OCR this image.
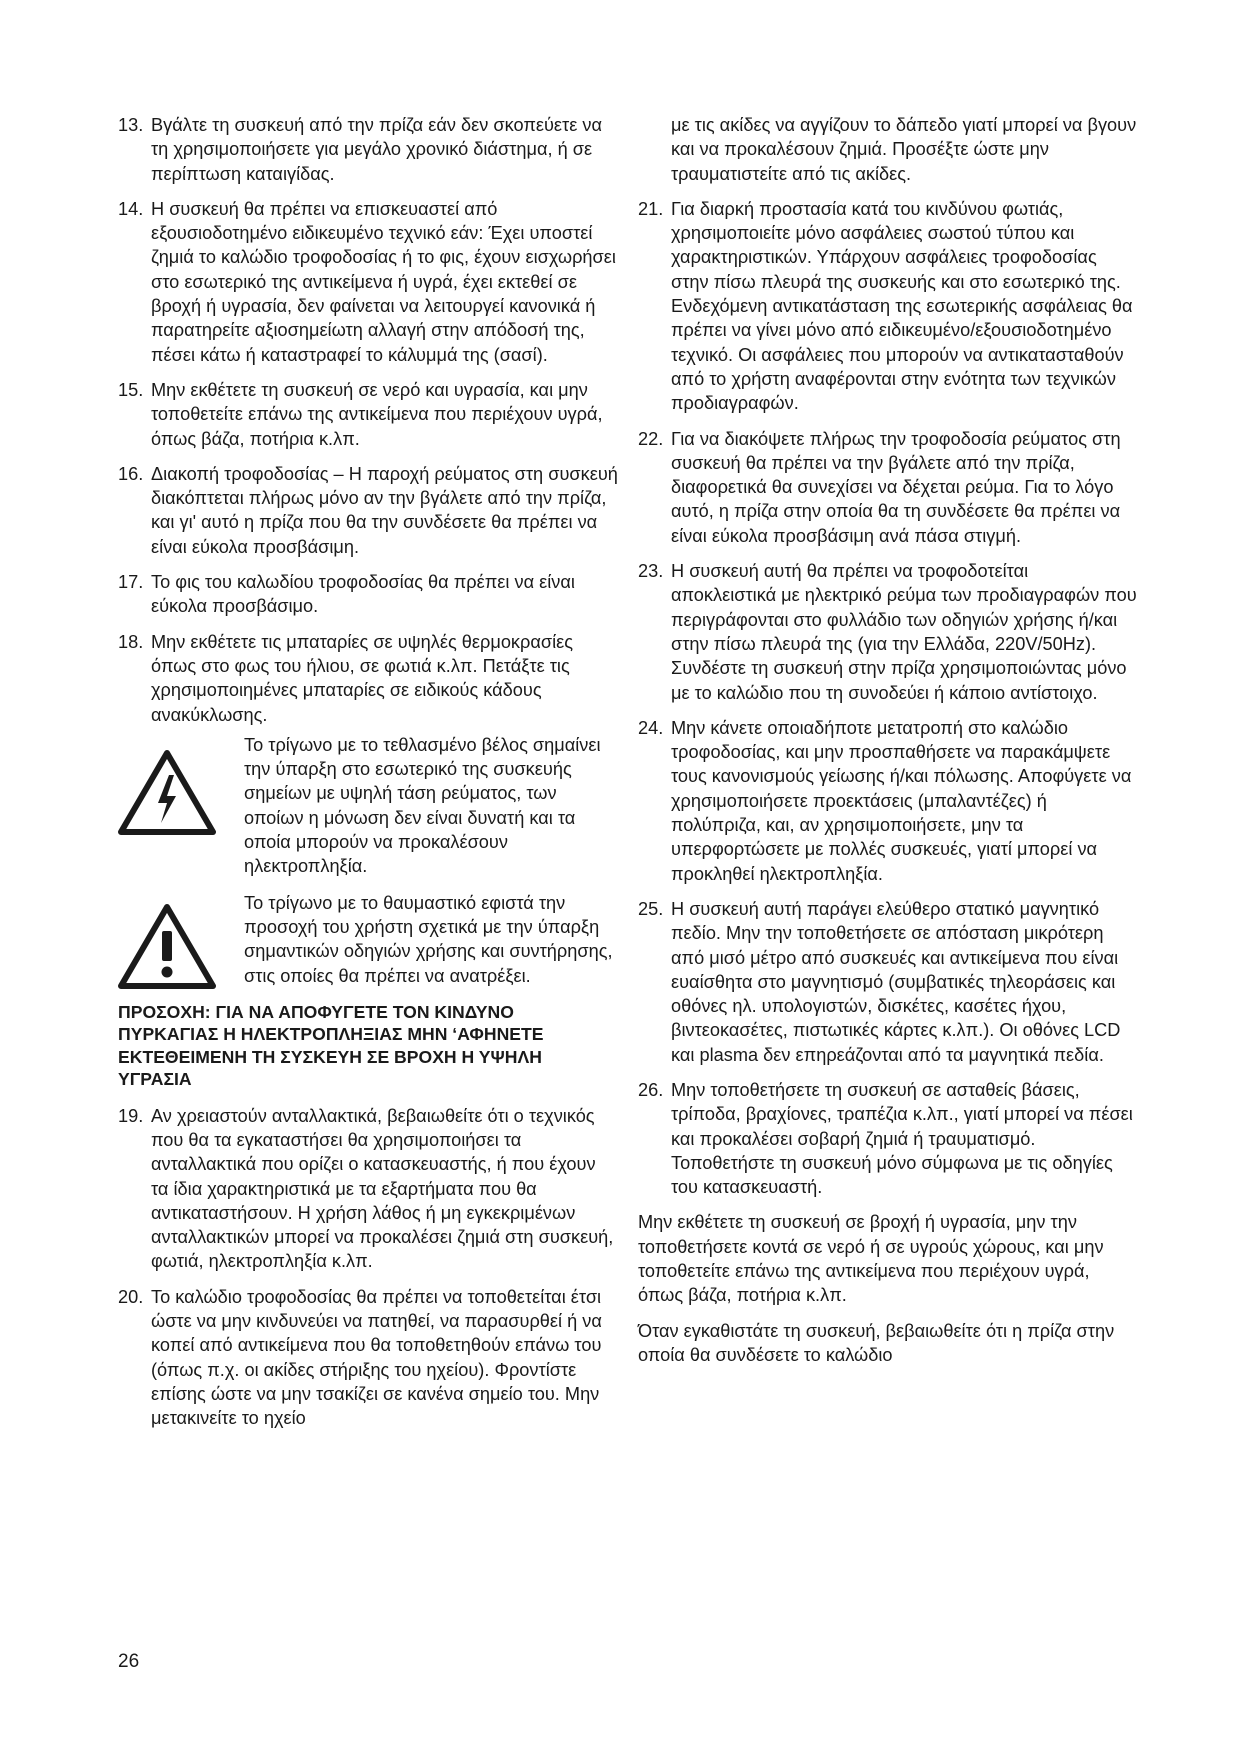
13. Βγάλτε τη συσκευή από την πρίζα εάν δεν σκοπεύετε να τη χρησιμοποιήσετε για μεγάλο χρονικό διάστημα, ή σε περίπτωση καταιγίδας.
14. Η συσκευή θα πρέπει να επισκευαστεί από εξουσιοδοτημένο ειδικευμένο τεχνικό εάν: Έχει υποστεί ζημιά το καλώδιο τροφοδοσίας ή το φις, έχουν εισχωρήσει στο εσωτερικό της αντικείμενα ή υγρά, έχει εκτεθεί σε βροχή ή υγρασία, δεν φαίνεται να λειτουργεί κανονικά ή παρατηρείτε αξιοσημείωτη αλλαγή στην απόδοσή της, πέσει κάτω ή καταστραφεί το κάλυμμά της (σασί).
15. Μην εκθέτετε τη συσκευή σε νερό και υγρασία, και μην τοποθετείτε επάνω της αντικείμενα που περιέχουν υγρά, όπως βάζα, ποτήρια κ.λπ.
16. Διακοπή τροφοδοσίας – Η παροχή ρεύματος στη συσκευή διακόπτεται πλήρως μόνο αν την βγάλετε από την πρίζα, και γι' αυτό η πρίζα που θα την συνδέσετε θα πρέπει να είναι εύκολα προσβάσιμη.
17. Το φις του καλωδίου τροφοδοσίας θα πρέπει να είναι εύκολα προσβάσιμο.
18. Μην εκθέτετε τις μπαταρίες σε υψηλές θερμοκρασίες όπως στο φως του ήλιου, σε φωτιά κ.λπ. Πετάξτε τις χρησιμοποιημένες μπαταρίες σε ειδικούς κάδους ανακύκλωσης.
Το τρίγωνο με το τεθλασμένο βέλος σημαίνει την ύπαρξη στο εσωτερικό της συσκευής σημείων με υψηλή τάση ρεύματος, των οποίων η μόνωση δεν είναι δυνατή και τα οποία μπορούν να προκαλέσουν ηλεκτροπληξία.
Το τρίγωνο με το θαυμαστικό εφιστά την προσοχή του χρήστη σχετικά με την ύπαρξη σημαντικών οδηγιών χρήσης και συντήρησης, στις οποίες θα πρέπει να ανατρέξει.
ΠΡΟΣΟΧΗ: ΓΙΑ ΝΑ ΑΠΟΦΥΓΕΤΕ ΤΟΝ ΚΙΝΔΥΝΟ ΠΥΡΚΑΓΙΑΣ Η ΗΛΕΚΤΡΟΠΛΗΞΙΑΣ ΜΗΝ ‘ΑΦΗΝΕΤΕ ΕΚΤΕΘΕΙΜΕΝΗ ΤΗ ΣΥΣΚΕΥΗ ΣΕ ΒΡΟΧΗ Η ΥΨΗΛΗ ΥΓΡΑΣΙΑ
19. Αν χρειαστούν ανταλλακτικά, βεβαιωθείτε ότι ο τεχνικός που θα τα εγκαταστήσει θα χρησιμοποιήσει τα ανταλλακτικά που ορίζει ο κατασκευαστής, ή που έχουν τα ίδια χαρακτηριστικά με τα εξαρτήματα που θα αντικαταστήσουν. Η χρήση λάθος ή μη εγκεκριμένων ανταλλακτικών μπορεί να προκαλέσει ζημιά στη συσκευή, φωτιά, ηλεκτροπληξία κ.λπ.
20. Το καλώδιο τροφοδοσίας θα πρέπει να τοποθετείται έτσι ώστε να μην κινδυνεύει να πατηθεί, να παρασυρθεί ή να κοπεί από αντικείμενα που θα τοποθετηθούν επάνω του (όπως π.χ. οι ακίδες στήριξης του ηχείου). Φροντίστε επίσης ώστε να μην τσακίζει σε κανένα σημείο του. Μην μετακινείτε το ηχείο
με τις ακίδες να αγγίζουν το δάπεδο γιατί μπορεί να βγουν και να προκαλέσουν ζημιά. Προσέξτε ώστε μην τραυματιστείτε από τις ακίδες.
21. Για διαρκή προστασία κατά του κινδύνου φωτιάς, χρησιμοποιείτε μόνο ασφάλειες σωστού τύπου και χαρακτηριστικών. Υπάρχουν ασφάλειες τροφοδοσίας στην πίσω πλευρά της συσκευής και στο εσωτερικό της. Ενδεχόμενη αντικατάσταση της εσωτερικής ασφάλειας θα πρέπει να γίνει μόνο από ειδικευμένο/εξουσιοδοτημένο τεχνικό. Οι ασφάλειες που μπορούν να αντικατασταθούν από το χρήστη αναφέρονται στην ενότητα των τεχνικών προδιαγραφών.
22. Για να διακόψετε πλήρως την τροφοδοσία ρεύματος στη συσκευή θα πρέπει να την βγάλετε από την πρίζα, διαφορετικά θα συνεχίσει να δέχεται ρεύμα. Για το λόγο αυτό, η πρίζα στην οποία θα τη συνδέσετε θα πρέπει να είναι εύκολα προσβάσιμη ανά πάσα στιγμή.
23. Η συσκευή αυτή θα πρέπει να τροφοδοτείται αποκλειστικά με ηλεκτρικό ρεύμα των προδιαγραφών που περιγράφονται στο φυλλάδιο των οδηγιών χρήσης ή/και στην πίσω πλευρά της (για την Ελλάδα, 220V/50Hz). Συνδέστε τη συσκευή στην πρίζα χρησιμοποιώντας μόνο με το καλώδιο που τη συνοδεύει ή κάποιο αντίστοιχο.
24. Μην κάνετε οποιαδήποτε μετατροπή στο καλώδιο τροφοδοσίας, και μην προσπαθήσετε να παρακάμψετε τους κανονισμούς γείωσης ή/και πόλωσης. Αποφύγετε να χρησιμοποιήσετε προεκτάσεις (μπαλαντέζες) ή πολύπριζα, και, αν χρησιμοποιήσετε, μην τα υπερφορτώσετε με πολλές συσκευές, γιατί μπορεί να προκληθεί ηλεκτροπληξία.
25. Η συσκευή αυτή παράγει ελεύθερο στατικό μαγνητικό πεδίο. Μην την τοποθετήσετε σε απόσταση μικρότερη από μισό μέτρο από συσκευές και αντικείμενα που είναι ευαίσθητα στο μαγνητισμό (συμβατικές τηλεοράσεις και οθόνες ηλ. υπολογιστών, δισκέτες, κασέτες ήχου, βιντεοκασέτες, πιστωτικές κάρτες κ.λπ.). Οι οθόνες LCD και plasma δεν επηρεάζονται από τα μαγνητικά πεδία.
26. Μην τοποθετήσετε τη συσκευή σε ασταθείς βάσεις, τρίποδα, βραχίονες, τραπέζια κ.λπ., γιατί μπορεί να πέσει και προκαλέσει σοβαρή ζημιά ή τραυματισμό. Τοποθετήστε τη συσκευή μόνο σύμφωνα με τις οδηγίες του κατασκευαστή.
Μην εκθέτετε τη συσκευή σε βροχή ή υγρασία, μην την τοποθετήσετε κοντά σε νερό ή σε υγρούς χώρους, και μην τοποθετείτε επάνω της αντικείμενα που περιέχουν υγρά, όπως βάζα, ποτήρια κ.λπ.
Όταν εγκαθιστάτε τη συσκευή, βεβαιωθείτε ότι η πρίζα στην οποία θα συνδέσετε το καλώδιο
26
